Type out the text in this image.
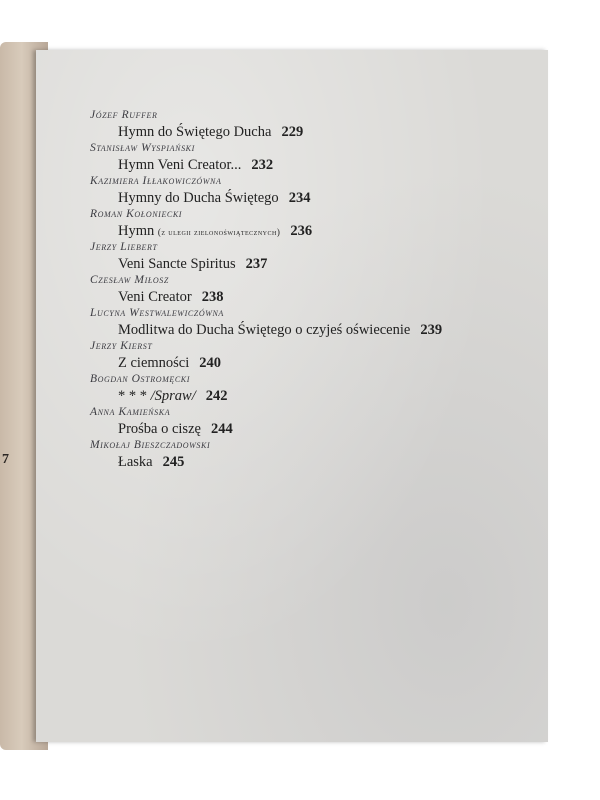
7
Józef Ruffer
Hymn do Świętego Ducha 229
Stanisław Wyspiański
Hymn Veni Creator... 232
Kazimiera Iłłakowiczówna
Hymny do Ducha Świętego 234
Roman Kołoniecki
Hymn (z ulegii zielonoświątecznych) 236
Jerzy Liebert
Veni Sancte Spiritus 237
Czesław Miłosz
Veni Creator 238
Lucyna Westwalewiczówna
Modlitwa do Ducha Świętego o czyjeś oświecenie 239
Jerzy Kierst
Z ciemności 240
Bogdan Ostromęcki
* * * /Spraw/ 242
Anna Kamieńska
Prośba o ciszę 244
Mikołaj Bieszczadowski
Łaska 245
